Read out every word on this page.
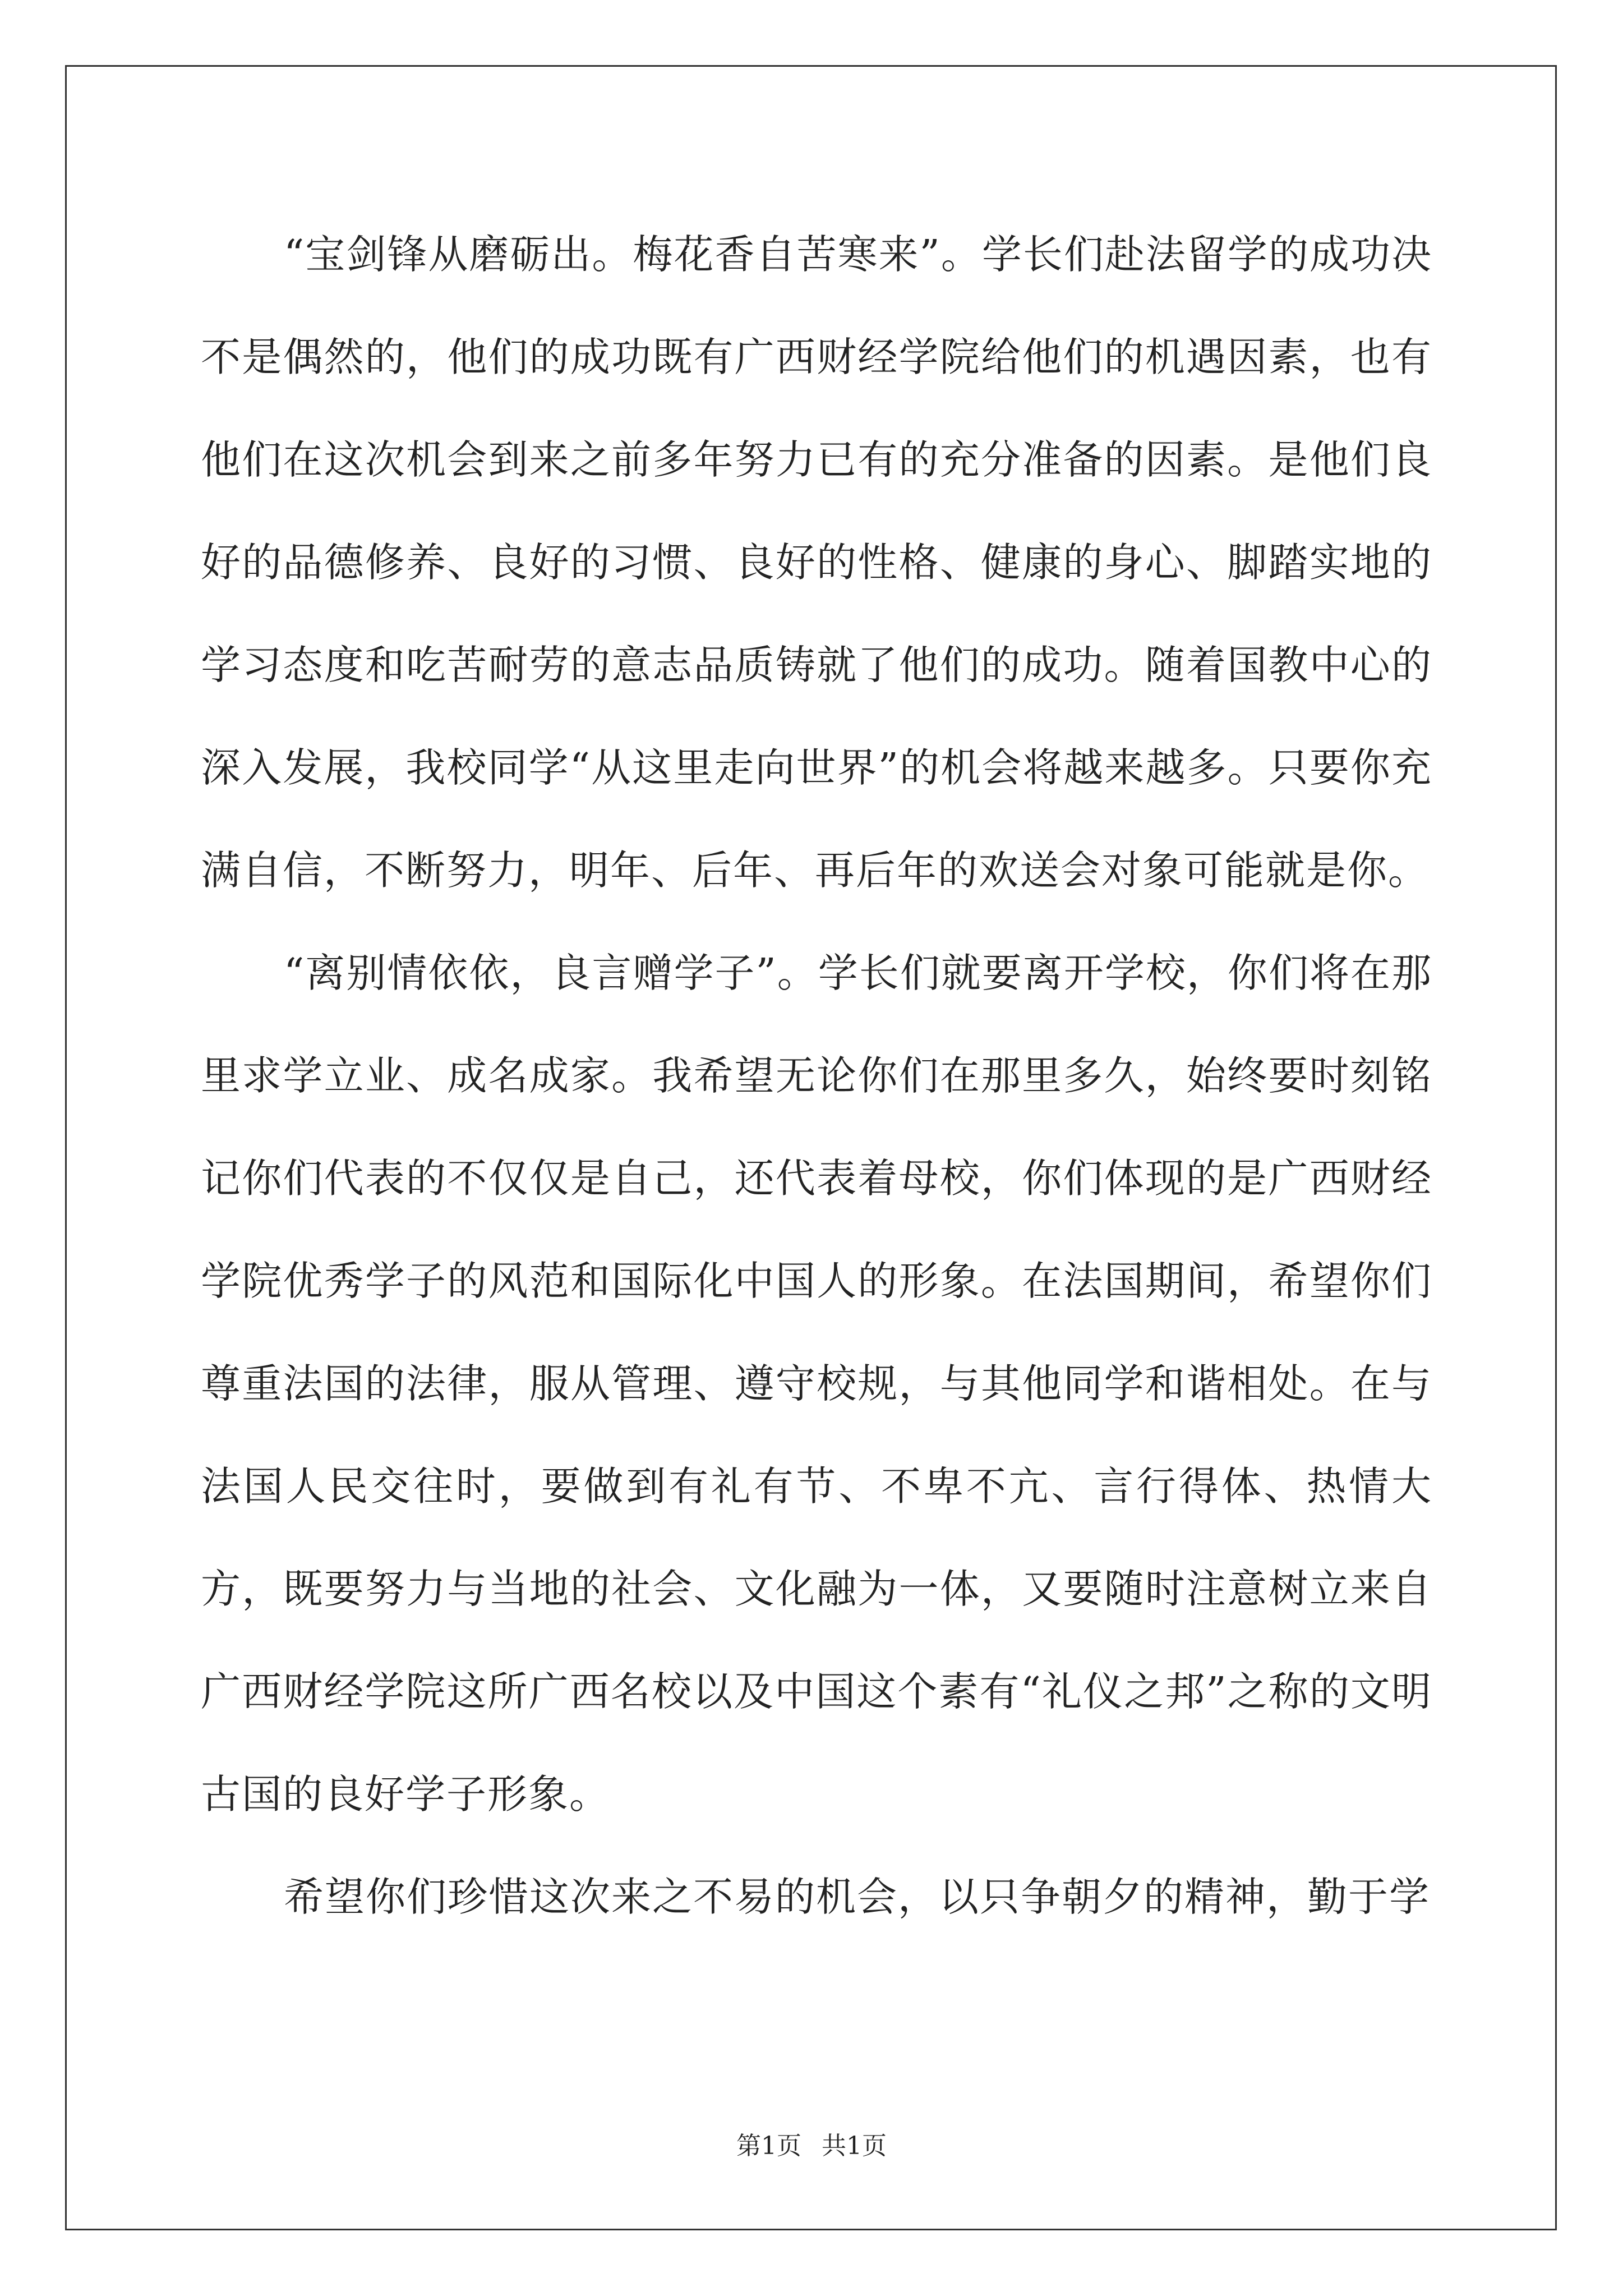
“宝剑锋从磨砺出。梅花香自苦寒来”。学长们赴法留学的成功决不是偶然的，他们的成功既有广西财经学院给他们的机遇因素，也有他们在这次机会到来之前多年努力已有的充分准备的因素。是他们良好的品德修养、良好的习惯、良好的性格、健康的身心、脚踏实地的学习态度和吃苦耐劳的意志品质铸就了他们的成功。随着国教中心的深入发展，我校同学“从这里走向世界”的机会将越来越多。只要你充满自信，不断努力，明年、后年、再后年的欢送会对象可能就是你。

“离别情依依，良言赠学子”。学长们就要离开学校，你们将在那里求学立业、成名成家。我希望无论你们在那里多久，始终要时刻铭记你们代表的不仅仅是自己，还代表着母校，你们体现的是广西财经学院优秀学子的风范和国际化中国人的形象。在法国期间，希望你们尊重法国的法律，服从管理、遵守校规，与其他同学和谐相处。在与法国人民交往时，要做到有礼有节、不卑不亢、言行得体、热情大方，既要努力与当地的社会、文化融为一体，又要随时注意树立来自广西财经学院这所广西名校以及中国这个素有“礼仪之邦”之称的文明古国的良好学子形象。

希望你们珍惜这次来之不易的机会，以只争朝夕的精神，勤于学

第1页 共1页
